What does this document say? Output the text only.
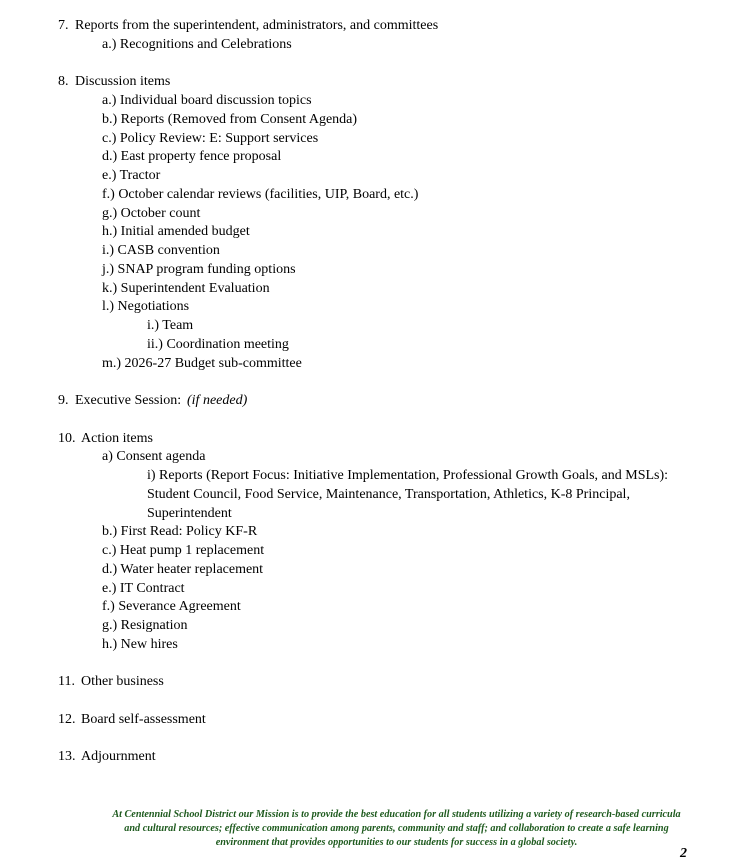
7. Reports from the superintendent, administrators, and committees
a.) Recognitions and Celebrations
8. Discussion items
a.) Individual board discussion topics
b.) Reports (Removed from Consent Agenda)
c.) Policy Review: E: Support services
d.) East property fence proposal
e.) Tractor
f.) October calendar reviews (facilities, UIP, Board, etc.)
g.) October count
h.) Initial amended budget
i.) CASB convention
j.) SNAP program funding options
k.) Superintendent Evaluation
l.) Negotiations
i.) Team
ii.) Coordination meeting
m.) 2026-27 Budget sub-committee
9. Executive Session: (if needed)
10. Action items
a) Consent agenda
i) Reports (Report Focus: Initiative Implementation, Professional Growth Goals, and MSLs):
Student Council, Food Service, Maintenance, Transportation, Athletics, K-8 Principal,
Superintendent
b.) First Read: Policy KF-R
c.) Heat pump 1 replacement
d.) Water heater replacement
e.) IT Contract
f.) Severance Agreement
g.) Resignation
h.) New hires
11. Other business
12. Board self-assessment
13. Adjournment
At Centennial School District our Mission is to provide the best education for all students utilizing a variety of research-based curricula
and cultural resources; effective communication among parents, community and staff; and collaboration to create a safe learning
environment that provides opportunities to our students for success in a global society.
2
